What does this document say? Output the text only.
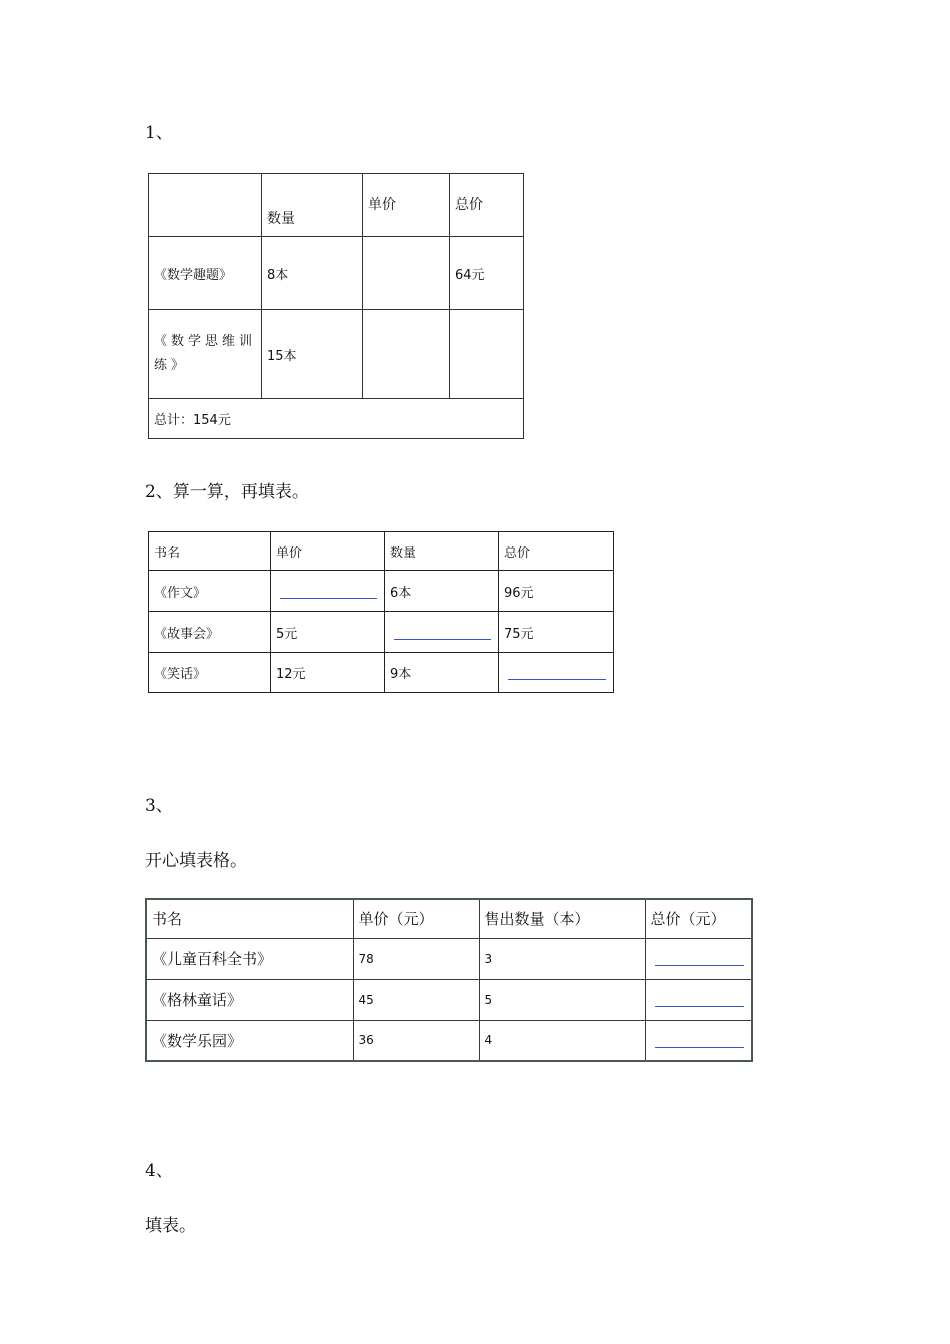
1、
	数量	单价	总价
《数学趣题》	8本		64元
《数学思维训练》	15本		
总计：154元			
2、算一算，再填表。
书名	单价	数量	总价
《作文》		6本	96元
《故事会》	5元		75元
《笑话》	12元	9本	
3、
开心填表格。
书名	单价（元）	售出数量（本）	总价（元）
《儿童百科全书》	78	3	

《格林童话》	45	5	

《数学乐园》	36	4	
4、
填表。
